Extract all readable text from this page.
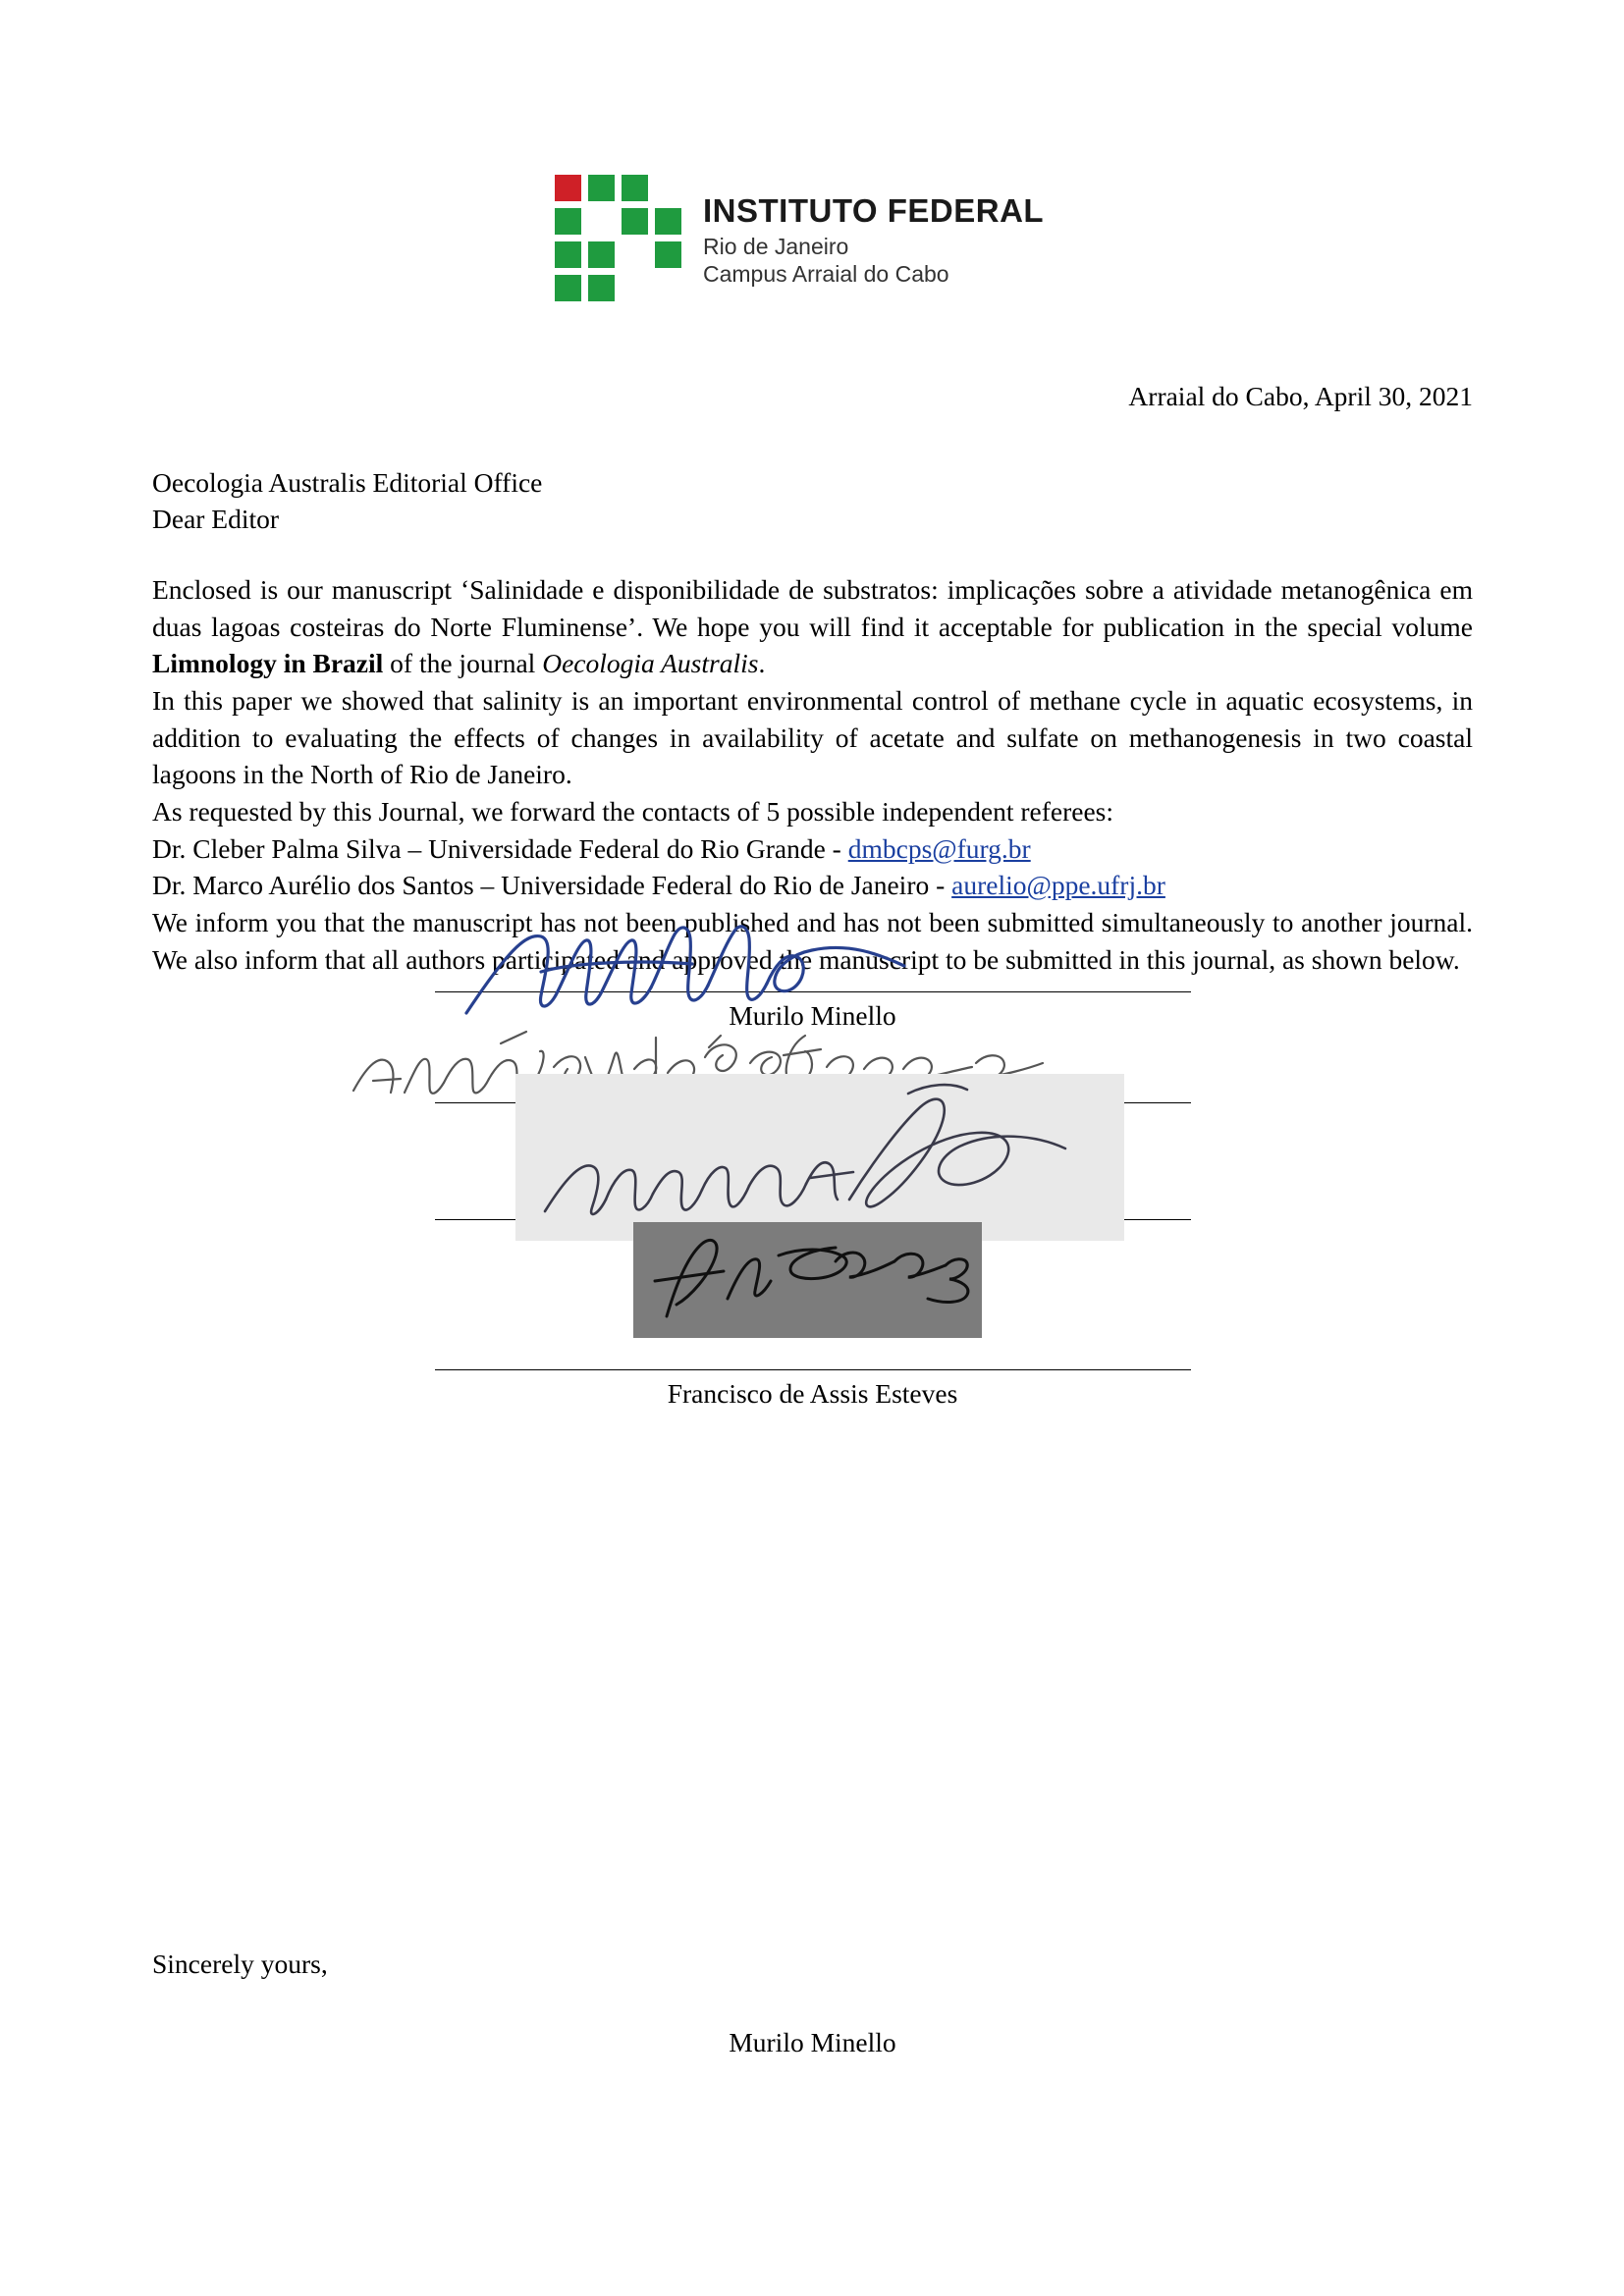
INSTITUTO FEDERAL
Rio de Janeiro
Campus Arraial do Cabo
Arraial do Cabo, April 30, 2021
Oecologia Australis Editorial Office
Dear Editor

Enclosed is our manuscript ‘Salinidade e disponibilidade de substratos: implicações sobre a atividade metanogênica em duas lagoas costeiras do Norte Fluminense’. We hope you will find it acceptable for publication in the special volume Limnology in Brazil of the journal Oecologia Australis.

In this paper we showed that salinity is an important environmental control of methane cycle in aquatic ecosystems, in addition to evaluating the effects of changes in availability of acetate and sulfate on methanogenesis in two coastal lagoons in the North of Rio de Janeiro.

As requested by this Journal, we forward the contacts of 5 possible independent referees:

Dr. Cleber Palma Silva – Universidade Federal do Rio Grande - dmbcps@furg.br

Dr. Marco Aurélio dos Santos – Universidade Federal do Rio de Janeiro - aurelio@ppe.ufrj.br

We inform you that the manuscript has not been published and has not been submitted simultaneously to another journal. We also inform that all authors participated and approved the manuscript to be submitted in this journal, as shown below.

Murilo Minello
Francisco de Assis Esteves
Sincerely yours,
Murilo Minello
